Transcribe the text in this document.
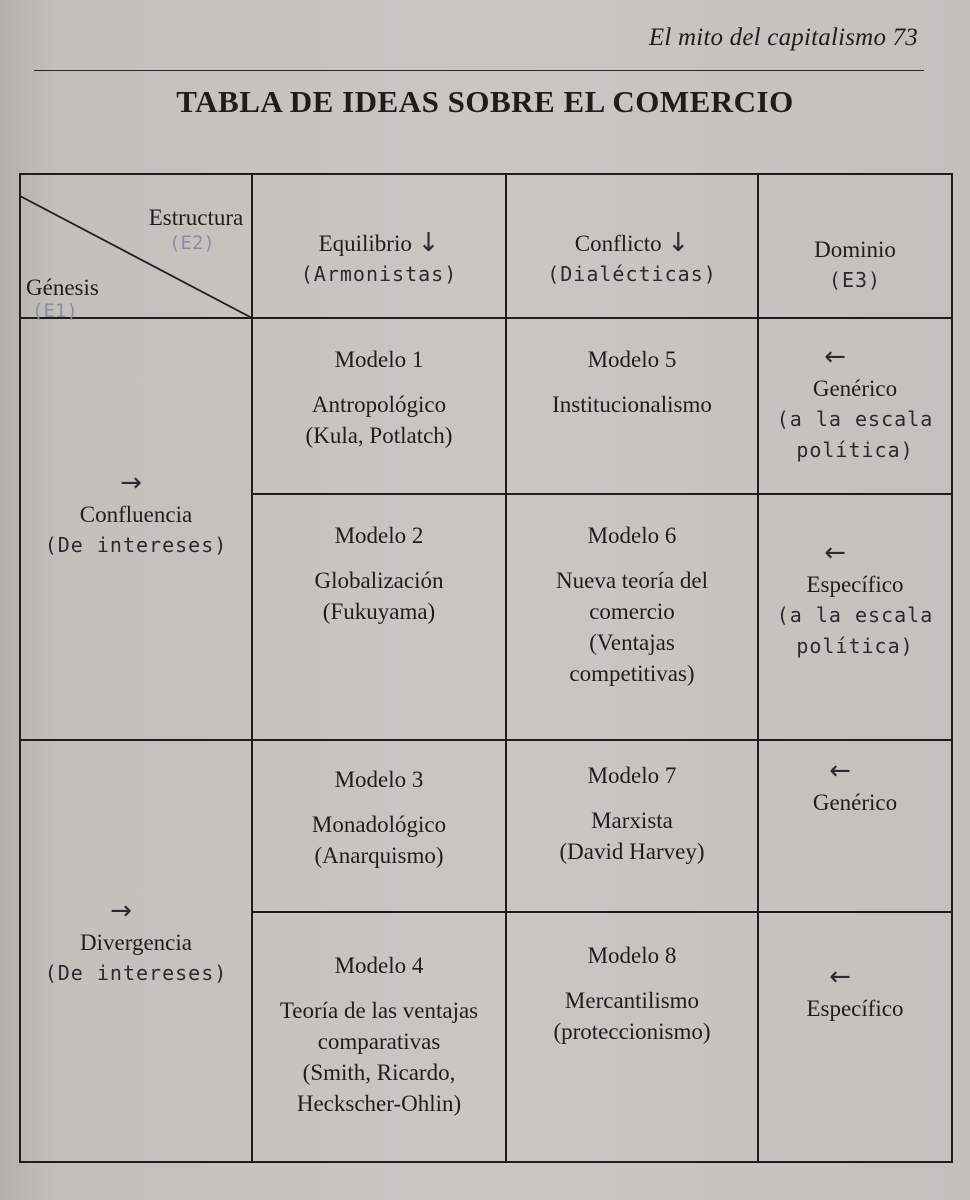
El mito del capitalismo 73
TABLA DE IDEAS SOBRE EL COMERCIO
Estructura
(E2)
Génesis
(E1)
Equilibrio ↓
(Armonistas)
Conflicto ↓
(Dialécticas)
Dominio
(E3)
→
Confluencia
(De intereses)
→
Divergencia
(De intereses)
Modelo 1
Antropológico
(Kula, Potlatch)
Modelo 5
Institucionalismo
Modelo 2
Globalización
(Fukuyama)
Modelo 6
Nueva teoría del
comercio
(Ventajas
competitivas)
Modelo 3
Monadológico
(Anarquismo)
Modelo 7
Marxista
(David Harvey)
Modelo 4
Teoría de las ventajas
comparativas
(Smith, Ricardo,
Heckscher-Ohlin)
Modelo 8
Mercantilismo
(proteccionismo)
←
Genérico
(a la escala
política)
←
Específico
(a la escala
política)
←
Genérico
←
Específico
